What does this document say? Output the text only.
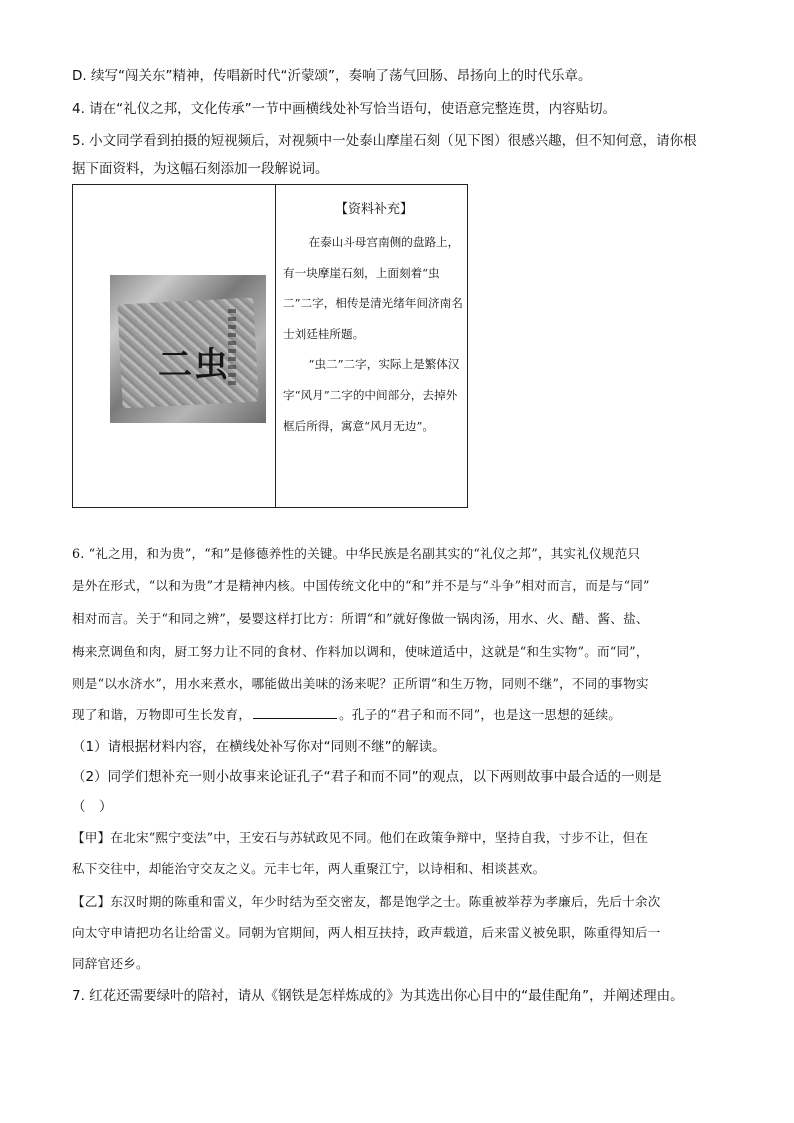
D. 续写“闯关东”精神，传唱新时代“沂蒙颂”，奏响了荡气回肠、昂扬向上的时代乐章。
4. 请在“礼仪之邦，文化传承”一节中画横线处补写恰当语句，使语意完整连贯，内容贴切。
5. 小文同学看到拍摄的短视频后，对视频中一处泰山摩崖石刻（见下图）很感兴趣，但不知何意，请你根
据下面资料，为这幅石刻添加一段解说词。
二 虫
【资料补充】
在泰山斗母宫南侧的盘路上，有一块摩崖石刻，上面刻着“虫二”二字，相传是清光绪年间济南名士刘廷桂所题。
“虫二”二字，实际上是繁体汉字“风月”二字的中间部分，去掉外框后所得，寓意“风月无边”。
6. “礼之用，和为贵”，“和”是修德养性的关键。中华民族是名副其实的“礼仪之邦”，其实礼仪规范只
是外在形式，“以和为贵”才是精神内核。中国传统文化中的“和”并不是与“斗争”相对而言，而是与“同”
相对而言。关于“和同之辨”，晏婴这样打比方：所谓“和”就好像做一锅肉汤，用水、火、醋、酱、盐、
梅来烹调鱼和肉，厨工努力让不同的食材、作料加以调和，使味道适中，这就是“和生实物”。而“同”，
则是“以水济水”，用水来煮水，哪能做出美味的汤来呢？正所谓“和生万物，同则不继”，不同的事物实
现了和谐，万物即可生长发育，	。孔子的“君子和而不同”，也是这一思想的延续。
（1）请根据材料内容，在横线处补写你对“同则不继”的解读。
（2）同学们想补充一则小故事来论证孔子“君子和而不同”的观点，以下两则故事中最合适的一则是
（　）
【甲】在北宋“熙宁变法”中，王安石与苏轼政见不同。他们在政策争辩中，坚持自我，寸步不让，但在
私下交往中，却能治守交友之义。元丰七年，两人重聚江宁，以诗相和、相谈甚欢。
【乙】东汉时期的陈重和雷义，年少时结为至交密友，都是饱学之士。陈重被举荐为孝廉后，先后十余次
向太守申请把功名让给雷义。同朝为官期间，两人相互扶持，政声载道，后来雷义被免职，陈重得知后一
同辞官还乡。
7. 红花还需要绿叶的陪衬，请从《钢铁是怎样炼成的》为其选出你心目中的“最佳配角”，并阐述理由。
